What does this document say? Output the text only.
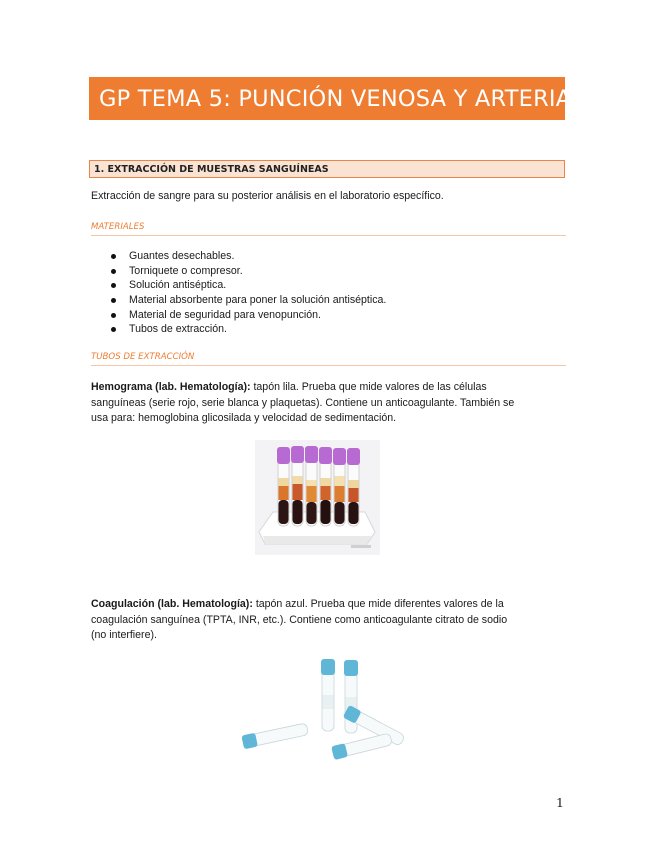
GP TEMA 5: PUNCIÓN VENOSA Y ARTERIAL
1. EXTRACCIÓN DE MUESTRAS SANGUÍNEAS
Extracción de sangre para su posterior análisis en el laboratorio específico.
MATERIALES
Guantes desechables.
Torniquete o compresor.
Solución antiséptica.
Material absorbente para poner la solución antiséptica.
Material de seguridad para venopunción.
Tubos de extracción.
TUBOS DE EXTRACCIÓN
Hemograma (lab. Hematología): tapón lila. Prueba que mide valores de las células
sanguíneas (serie rojo, serie blanca y plaquetas). Contiene un anticoagulante. También se
usa para: hemoglobina glicosilada y velocidad de sedimentación.
Coagulación (lab. Hematología): tapón azul. Prueba que mide diferentes valores de la
coagulación sanguínea (TPTA, INR, etc.). Contiene como anticoagulante citrato de sodio
(no interfiere).
1
